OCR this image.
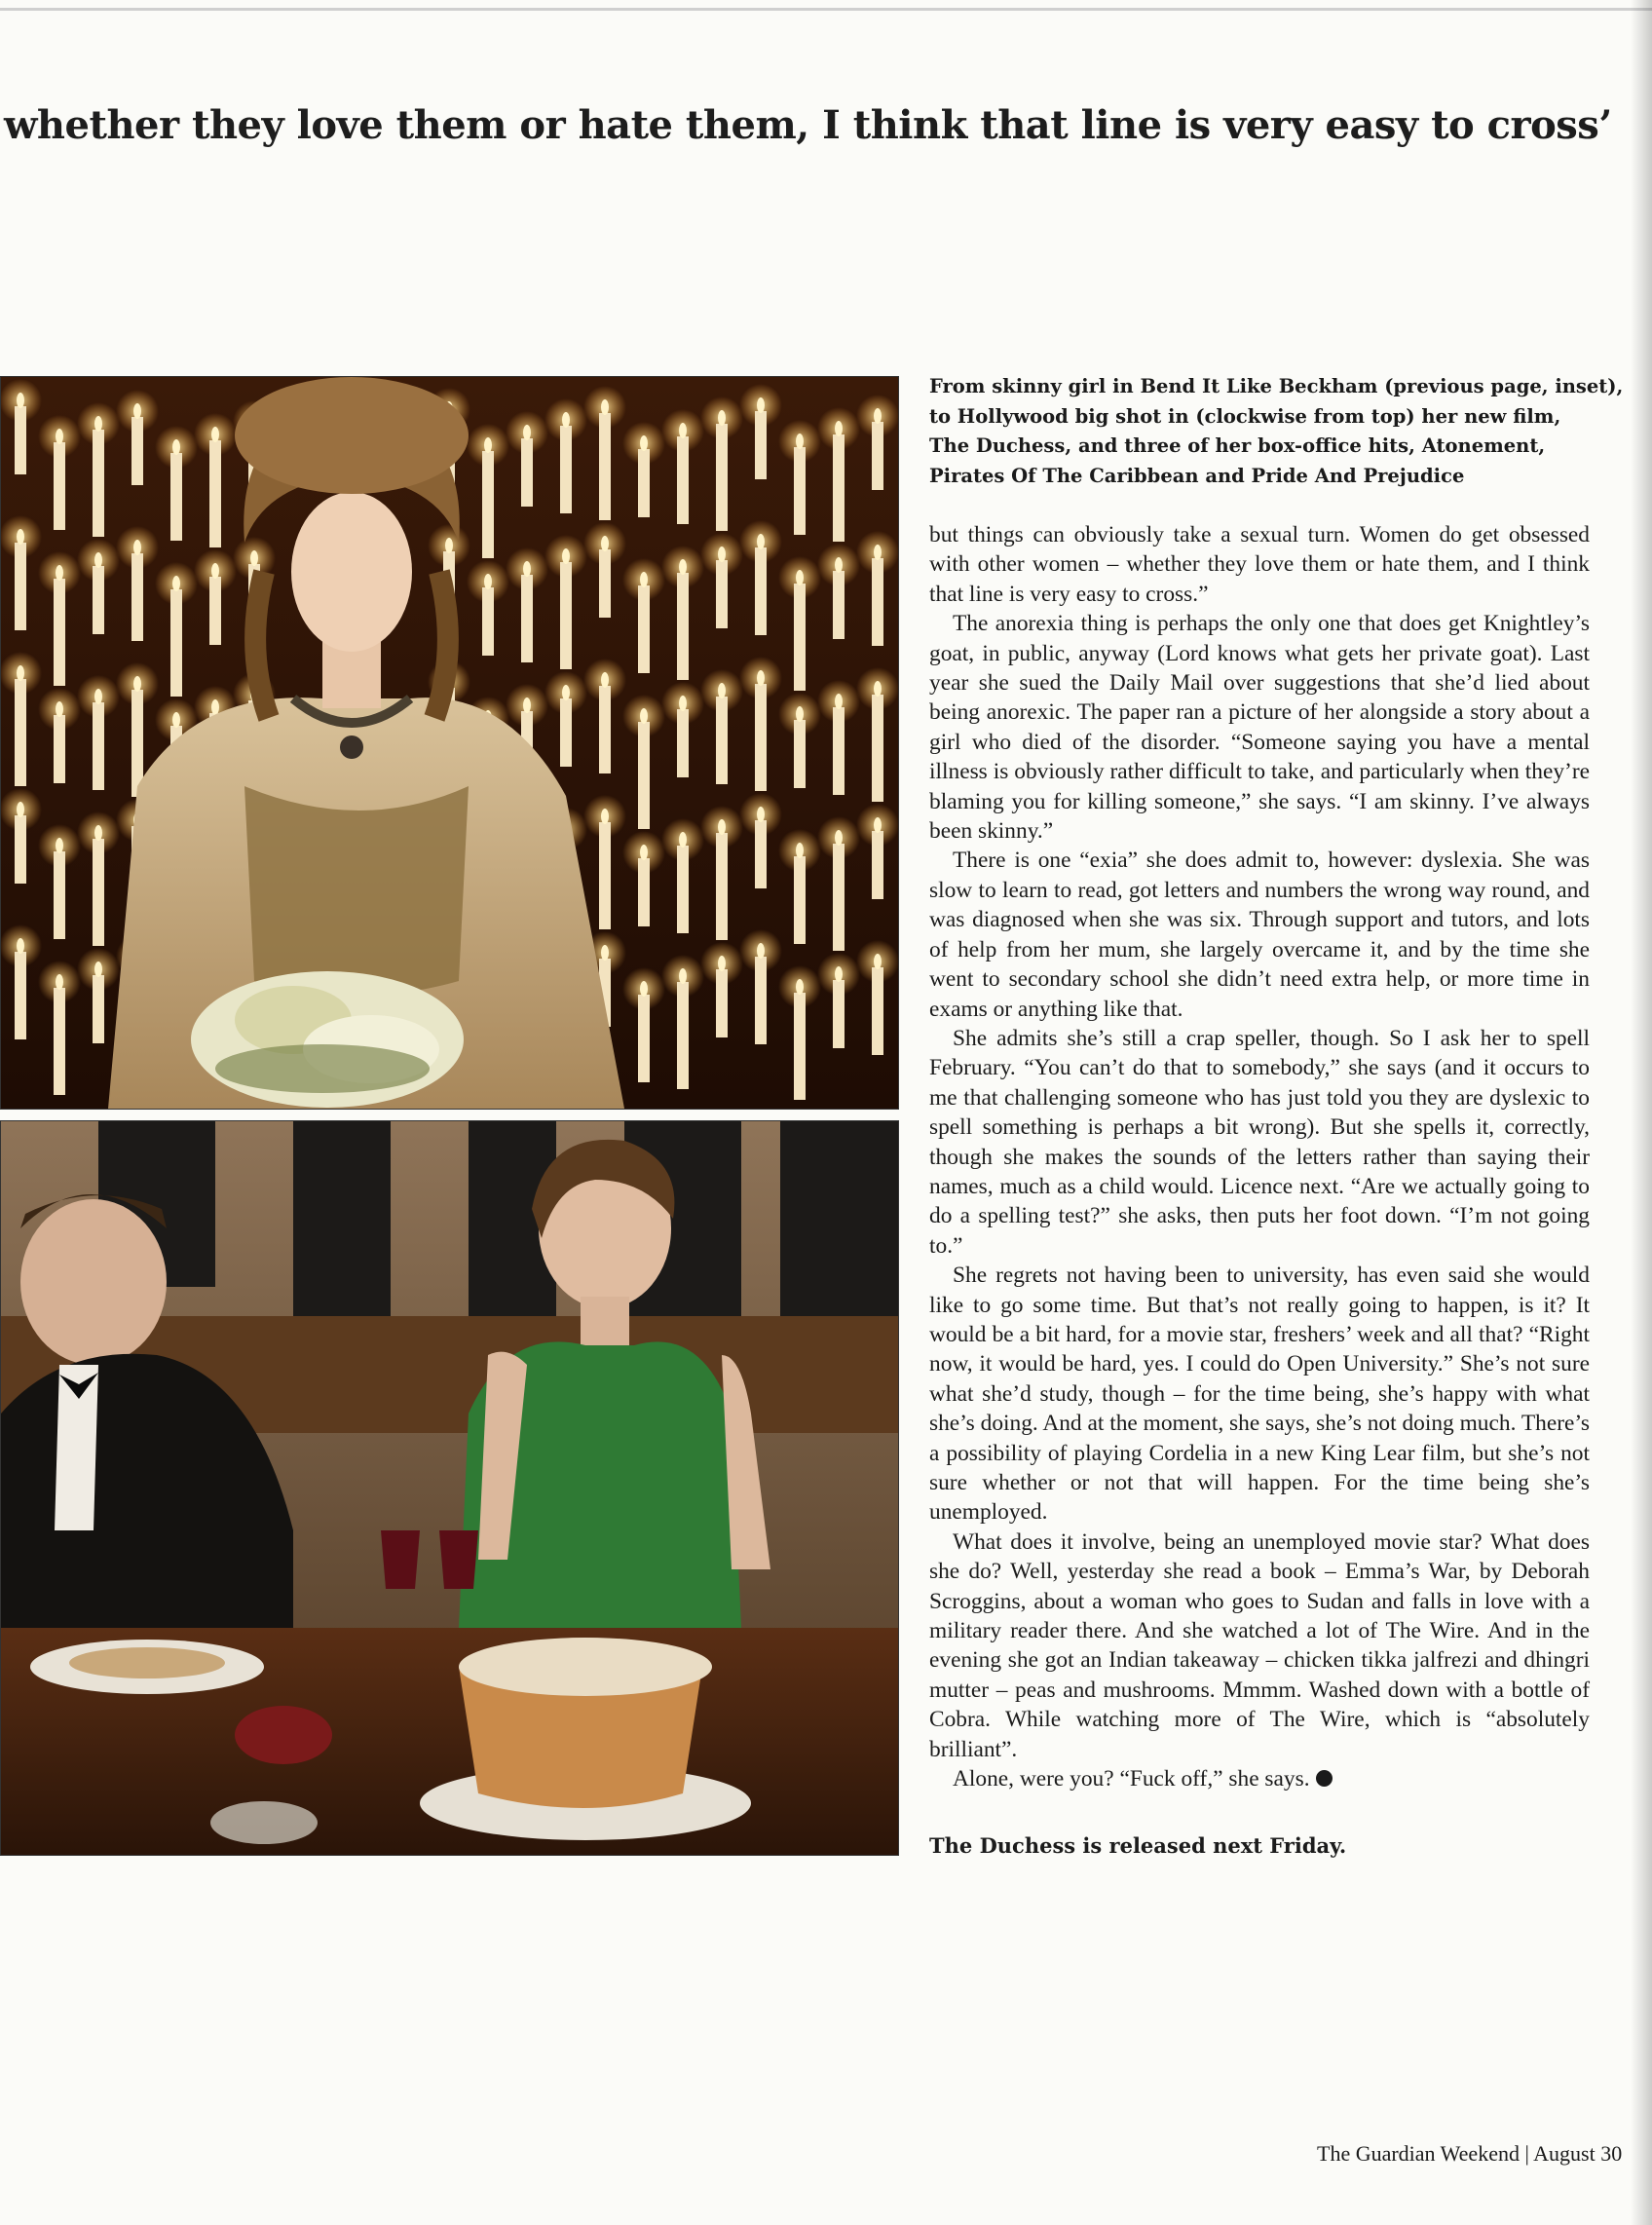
whether they love them or hate them, I think that line is very easy to cross’
From skinny girl in Bend It Like Beckham (previous page, inset),
to Hollywood big shot in (clockwise from top) her new film,
The Duchess, and three of her box-office hits, Atonement,
Pirates Of The Caribbean and Pride And Prejudice

but things can obviously take a sexual turn. Women do get obsessed with other women – whether they love them or hate them, and I think that line is very easy to cross.”

The anorexia thing is perhaps the only one that does get Knightley’s goat, in public, anyway (Lord knows what gets her private goat). Last year she sued the Daily Mail over suggestions that she’d lied about being anorexic. The paper ran a picture of her alongside a story about a girl who died of the disorder. “Someone saying you have a mental illness is obviously rather difficult to take, and particularly when they’re blaming you for killing someone,” she says. “I am skinny. I’ve always been skinny.”

There is one “exia” she does admit to, however: dyslexia. She was slow to learn to read, got letters and numbers the wrong way round, and was diagnosed when she was six. Through support and tutors, and lots of help from her mum, she largely overcame it, and by the time she went to secondary school she didn’t need extra help, or more time in exams or anything like that.

She admits she’s still a crap speller, though. So I ask her to spell February. “You can’t do that to somebody,” she says (and it occurs to me that challenging someone who has just told you they are dyslexic to spell something is perhaps a bit wrong). But she spells it, correctly, though she makes the sounds of the letters rather than saying their names, much as a child would. Licence next. “Are we actually going to do a spelling test?” she asks, then puts her foot down. “I’m not going to.”

She regrets not having been to university, has even said she would like to go some time. But that’s not really going to happen, is it? It would be a bit hard, for a movie star, freshers’ week and all that? “Right now, it would be hard, yes. I could do Open University.” She’s not sure what she’d study, though – for the time being, she’s happy with what she’s doing. And at the moment, she says, she’s not doing much. There’s a possibility of playing Cordelia in a new King Lear film, but she’s not sure whether or not that will happen. For the time being she’s unemployed.

What does it involve, being an unemployed movie star? What does she do? Well, yesterday she read a book – Emma’s War, by Deborah Scroggins, about a woman who goes to Sudan and falls in love with a military reader there. And she watched a lot of The Wire. And in the evening she got an Indian takeaway – chicken tikka jalfrezi and dhingri mutter – peas and mushrooms. Mmmm. Washed down with a bottle of Cobra. While watching more of The Wire, which is “absolutely brilliant”.

Alone, were you? “Fuck off,” she says.

The Duchess is released next Friday.
The Guardian Weekend | August 30
